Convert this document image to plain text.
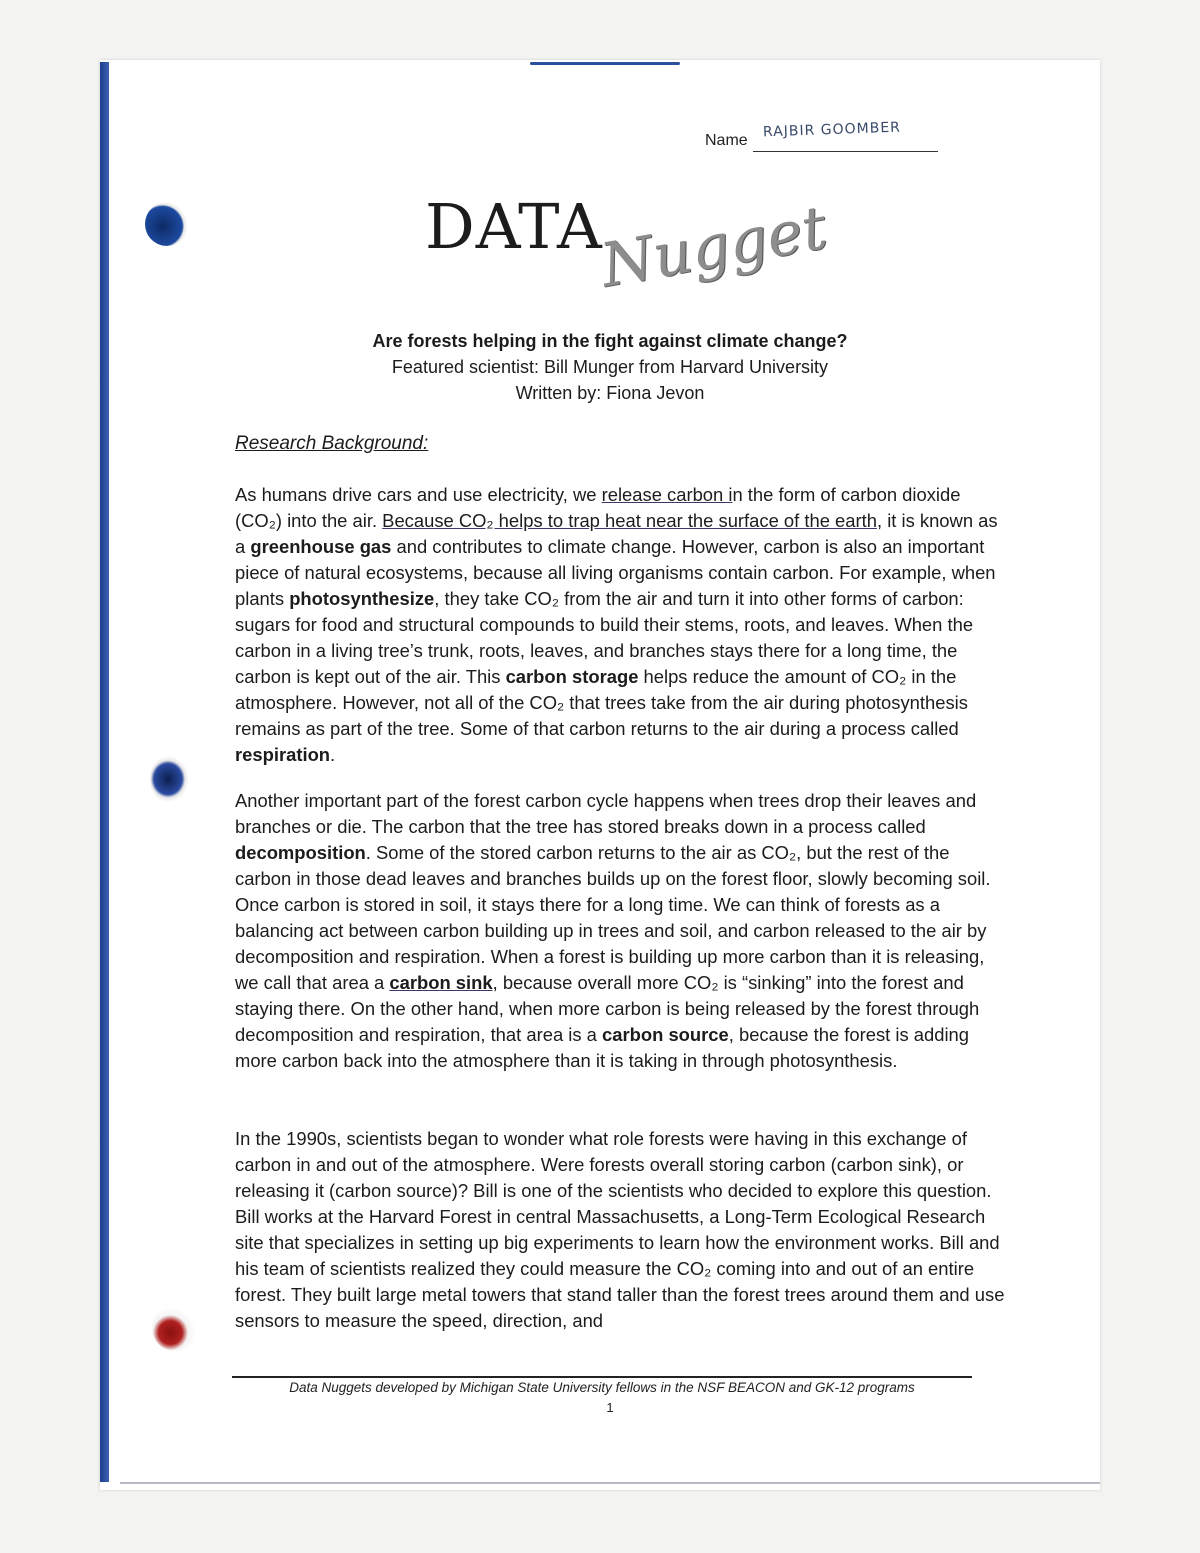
Name
RAJBIR GOOMBER
DATA
Nugget

Are forests helping in the fight against climate change?

Featured scientist: Bill Munger from Harvard University

Written by: Fiona Jevon

Research Background:

As humans drive cars and use electricity, we release carbon in the form of carbon dioxide (CO₂) into the air. Because CO₂ helps to trap heat near the surface of the earth, it is known as a greenhouse gas and contributes to climate change. However, carbon is also an important piece of natural ecosystems, because all living organisms contain carbon. For example, when plants photosynthesize, they take CO₂ from the air and turn it into other forms of carbon: sugars for food and structural compounds to build their stems, roots, and leaves. When the carbon in a living tree’s trunk, roots, leaves, and branches stays there for a long time, the carbon is kept out of the air. This carbon storage helps reduce the amount of CO₂ in the atmosphere. However, not all of the CO₂ that trees take from the air during photosynthesis remains as part of the tree. Some of that carbon returns to the air during a process called respiration.

Another important part of the forest carbon cycle happens when trees drop their leaves and branches or die. The carbon that the tree has stored breaks down in a process called decomposition. Some of the stored carbon returns to the air as CO₂, but the rest of the carbon in those dead leaves and branches builds up on the forest floor, slowly becoming soil. Once carbon is stored in soil, it stays there for a long time. We can think of forests as a balancing act between carbon building up in trees and soil, and carbon released to the air by decomposition and respiration. When a forest is building up more carbon than it is releasing, we call that area a carbon sink, because overall more CO₂ is “sinking” into the forest and staying there. On the other hand, when more carbon is being released by the forest through decomposition and respiration, that area is a carbon source, because the forest is adding more carbon back into the atmosphere than it is taking in through photosynthesis.

In the 1990s, scientists began to wonder what role forests were having in this exchange of carbon in and out of the atmosphere. Were forests overall storing carbon (carbon sink), or releasing it (carbon source)? Bill is one of the scientists who decided to explore this question. Bill works at the Harvard Forest in central Massachusetts, a Long-Term Ecological Research site that specializes in setting up big experiments to learn how the environment works. Bill and his team of scientists realized they could measure the CO₂ coming into and out of an entire forest. They built large metal towers that stand taller than the forest trees around them and use sensors to measure the speed, direction, and

Data Nuggets developed by Michigan State University fellows in the NSF BEACON and GK-12 programs
1
